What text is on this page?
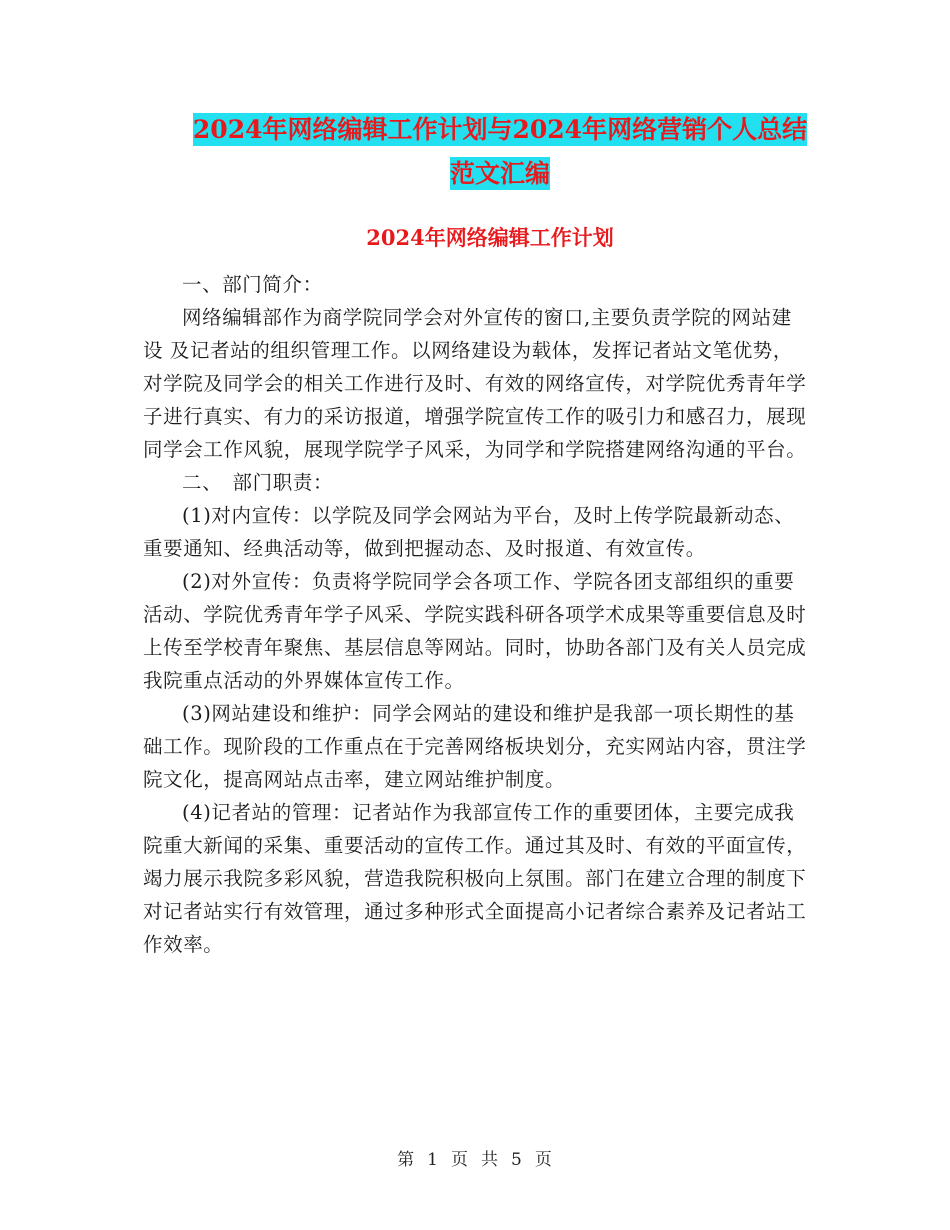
2024年网络编辑工作计划与2024年网络营销个人总结
范文汇编
2024年网络编辑工作计划

一、部门简介：

网络编辑部作为商学院同学会对外宣传的窗口,主要负责学院的网站建设 及记者站的组织管理工作。以网络建设为载体，发挥记者站文笔优势，对学院及同学会的相关工作进行及时、有效的网络宣传，对学院优秀青年学子进行真实、有力的采访报道，增强学院宣传工作的吸引力和感召力，展现同学会工作风貌，展现学院学子风采，为同学和学院搭建网络沟通的平台。

二、　部门职责：

(1)对内宣传：以学院及同学会网站为平台，及时上传学院最新动态、重要通知、经典活动等，做到把握动态、及时报道、有效宣传。

(2)对外宣传：负责将学院同学会各项工作、学院各团支部组织的重要活动、学院优秀青年学子风采、学院实践科研各项学术成果等重要信息及时上传至学校青年聚焦、基层信息等网站。同时，协助各部门及有关人员完成我院重点活动的外界媒体宣传工作。

(3)网站建设和维护：同学会网站的建设和维护是我部一项长期性的基础工作。现阶段的工作重点在于完善网络板块划分，充实网站内容，贯注学院文化，提高网站点击率，建立网站维护制度。

(4)记者站的管理：记者站作为我部宣传工作的重要团体，主要完成我院重大新闻的采集、重要活动的宣传工作。通过其及时、有效的平面宣传，竭力展示我院多彩风貌，营造我院积极向上氛围。部门在建立合理的制度下对记者站实行有效管理，通过多种形式全面提高小记者综合素养及记者站工作效率。

第 1 页 共 5 页
